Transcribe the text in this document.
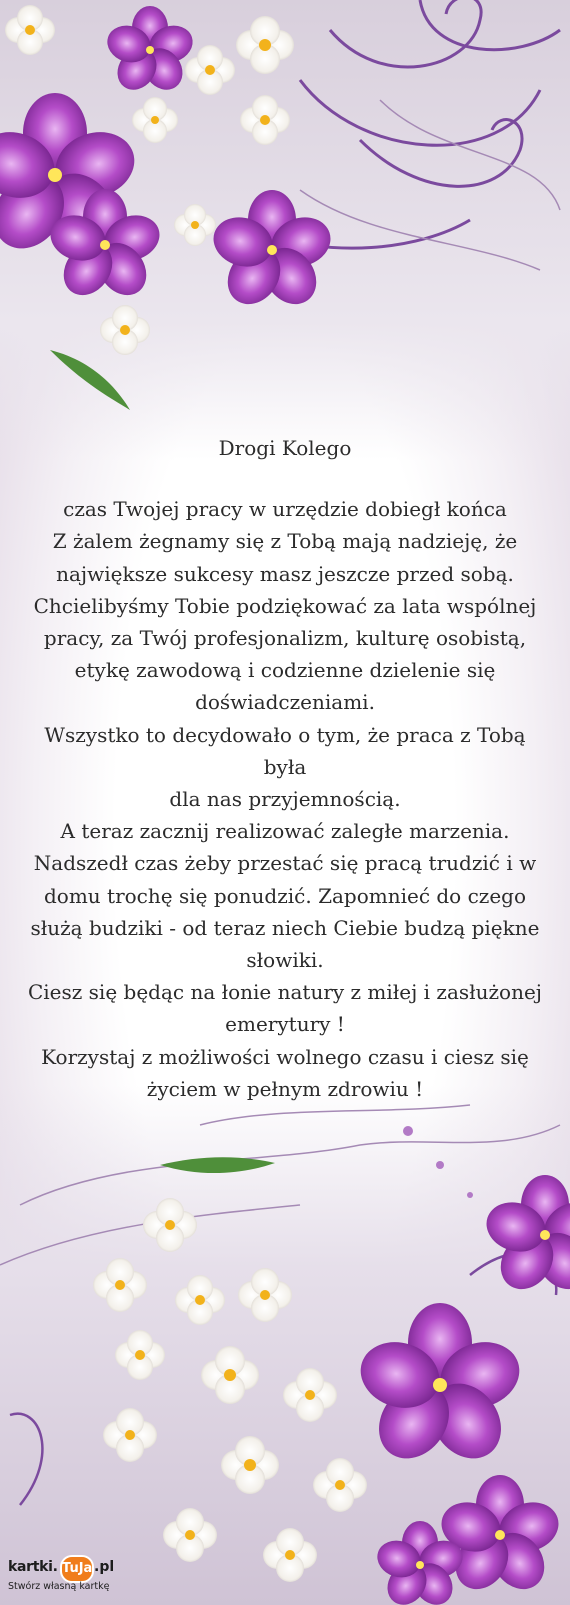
Drogi Kolego
czas Twojej pracy w urzędzie dobiegł końca
Z żalem żegnamy się z Tobą mają nadzieję, że
największe sukcesy masz jeszcze przed sobą.
Chcielibyśmy Tobie podziękować za lata wspólnej
pracy, za Twój profesjonalizm, kulturę osobistą,
etykę zawodową i codzienne dzielenie się
doświadczeniami.
Wszystko to decydowało o tym, że praca z Tobą była
dla nas przyjemnością.
A teraz zacznij realizować zaległe marzenia.
Nadszedł czas żeby przestać się pracą trudzić i w
domu trochę się ponudzić. Zapomnieć do czego
służą budziki - od teraz niech Ciebie budzą piękne
słowiki.
Ciesz się będąc na łonie natury z miłej i zasłużonej
emerytury !
Korzystaj z możliwości wolnego czasu i ciesz się
życiem w pełnym zdrowiu !
kartki. TuJa .pl
Stwórz własną kartkę
